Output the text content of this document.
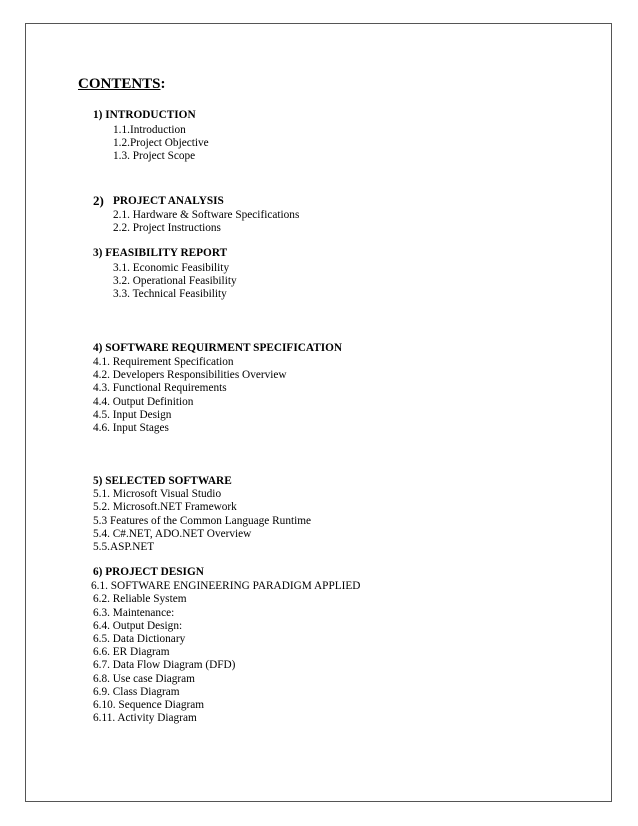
CONTENTS:
1) INTRODUCTION
1.1.Introduction
1.2.Project Objective
1.3. Project Scope
2) PROJECT ANALYSIS
2.1. Hardware & Software Specifications
2.2. Project Instructions
3) FEASIBILITY REPORT
3.1. Economic Feasibility
3.2. Operational Feasibility
3.3. Technical Feasibility
4) SOFTWARE REQUIRMENT SPECIFICATION
4.1. Requirement Specification
4.2. Developers Responsibilities Overview
4.3. Functional Requirements
4.4. Output Definition
4.5. Input Design
4.6. Input Stages
5) SELECTED SOFTWARE
5.1. Microsoft Visual Studio
5.2. Microsoft.NET Framework
5.3 Features of the Common Language Runtime
5.4. C#.NET, ADO.NET Overview
5.5.ASP.NET
6) PROJECT DESIGN
6.1. SOFTWARE ENGINEERING PARADIGM APPLIED
6.2. Reliable System
6.3. Maintenance:
6.4. Output Design:
6.5. Data Dictionary
6.6. ER Diagram
6.7. Data Flow Diagram (DFD)
6.8. Use case Diagram
6.9. Class Diagram
6.10. Sequence Diagram
6.11. Activity Diagram
